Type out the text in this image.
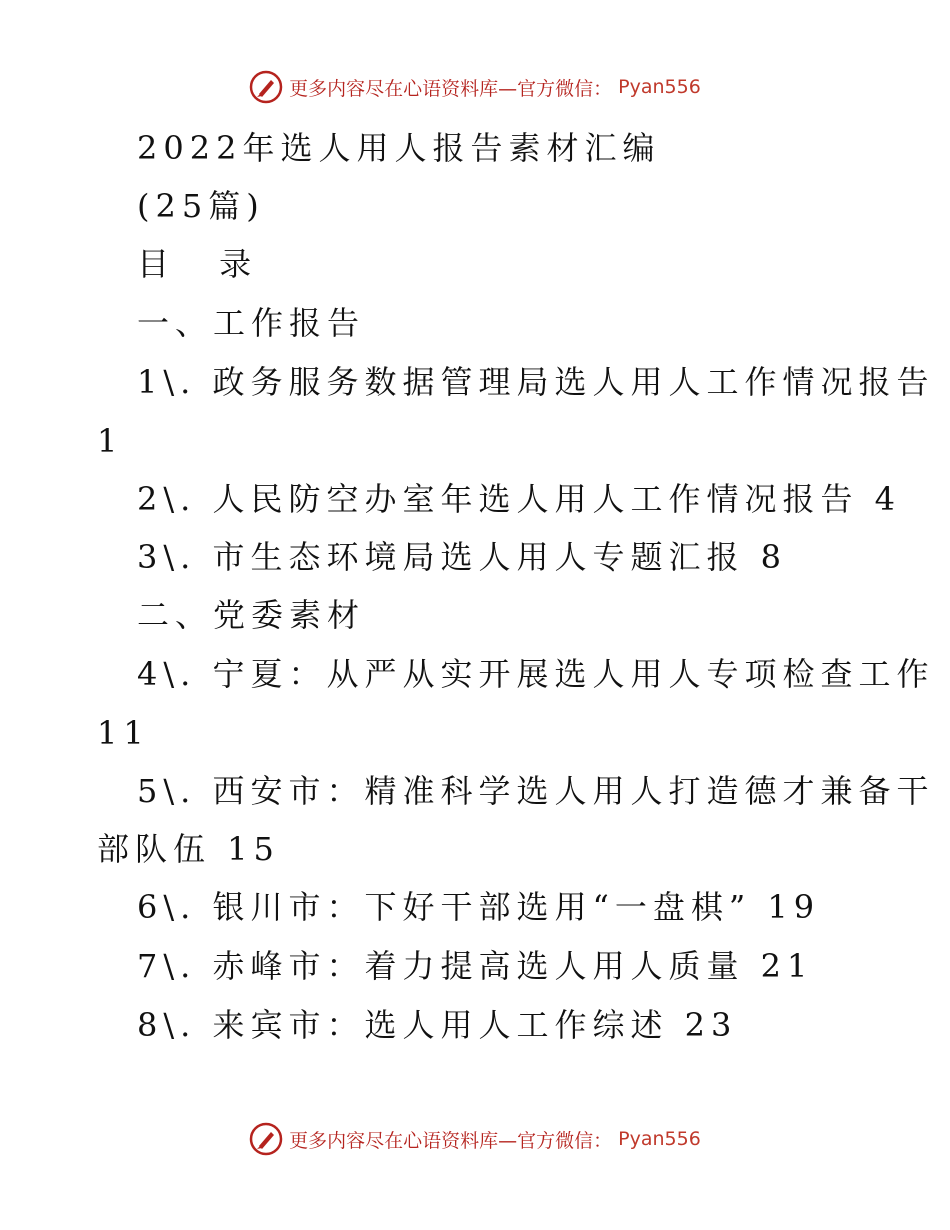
更多内容尽在心语资料库—官方微信： Pyan556
2022年选人用人报告素材汇编
(25篇)
目 录
一、工作报告
1\. 政务服务数据管理局选人用人工作情况报告
1
2\. 人民防空办室年选人用人工作情况报告 4
3\. 市生态环境局选人用人专题汇报 8
二、党委素材
4\. 宁夏：从严从实开展选人用人专项检查工作
11
5\. 西安市：精准科学选人用人打造德才兼备干
部队伍 15
6\. 银川市：下好干部选用“一盘棋” 19
7\. 赤峰市：着力提高选人用人质量 21
8\. 来宾市：选人用人工作综述 23
更多内容尽在心语资料库—官方微信： Pyan556
